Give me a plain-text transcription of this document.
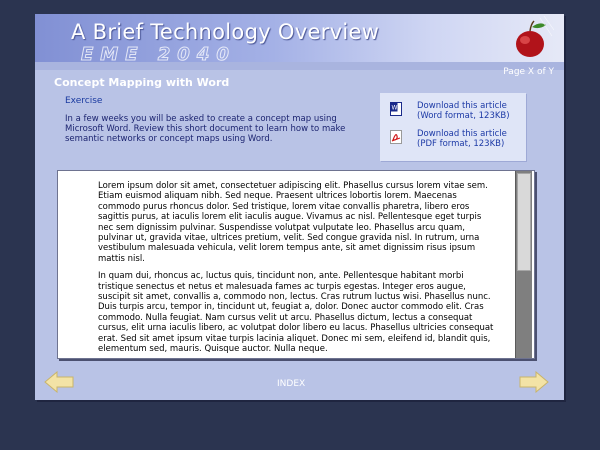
A Brief Technology Overview
EME 2040
Page X of Y
Concept Mapping with Word
Exercise
In a few weeks you will be asked to create a concept map using Microsoft Word. Review this short document to learn how to make semantic networks or concept maps using Word.
W Download this article
(Word format, 123KB)
Download this article
(PDF format, 123KB)

Lorem ipsum dolor sit amet, consectetuer adipiscing elit. Phasellus cursus lorem vitae sem. Etiam euismod aliquam nibh. Sed neque. Praesent ultrices lobortis lorem. Maecenas commodo purus rhoncus dolor. Sed tristique, lorem vitae convallis pharetra, libero eros sagittis purus, at iaculis lorem elit iaculis augue. Vivamus ac nisl. Pellentesque eget turpis nec sem dignissim pulvinar. Suspendisse volutpat vulputate leo. Phasellus arcu quam, pulvinar ut, gravida vitae, ultrices pretium, velit. Sed congue gravida nisl. In rutrum, urna vestibulum malesuada vehicula, velit lorem tempus ante, sit amet dignissim risus ipsum mattis nisl.

In quam dui, rhoncus ac, luctus quis, tincidunt non, ante. Pellentesque habitant morbi tristique senectus et netus et malesuada fames ac turpis egestas. Integer eros augue, suscipit sit amet, convallis a, commodo non, lectus. Cras rutrum luctus wisi. Phasellus nunc. Duis turpis arcu, tempor in, tincidunt ut, feugiat a, dolor. Donec auctor commodo elit. Cras commodo. Nulla feugiat. Nam cursus velit ut arcu. Phasellus dictum, lectus a consequat cursus, elit urna iaculis libero, ac volutpat dolor libero eu lacus. Phasellus ultricies consequat erat. Sed sit amet ipsum vitae turpis lacinia aliquet. Donec mi sem, eleifend id, blandit quis, elementum sed, mauris. Quisque auctor. Nulla neque.

INDEX
